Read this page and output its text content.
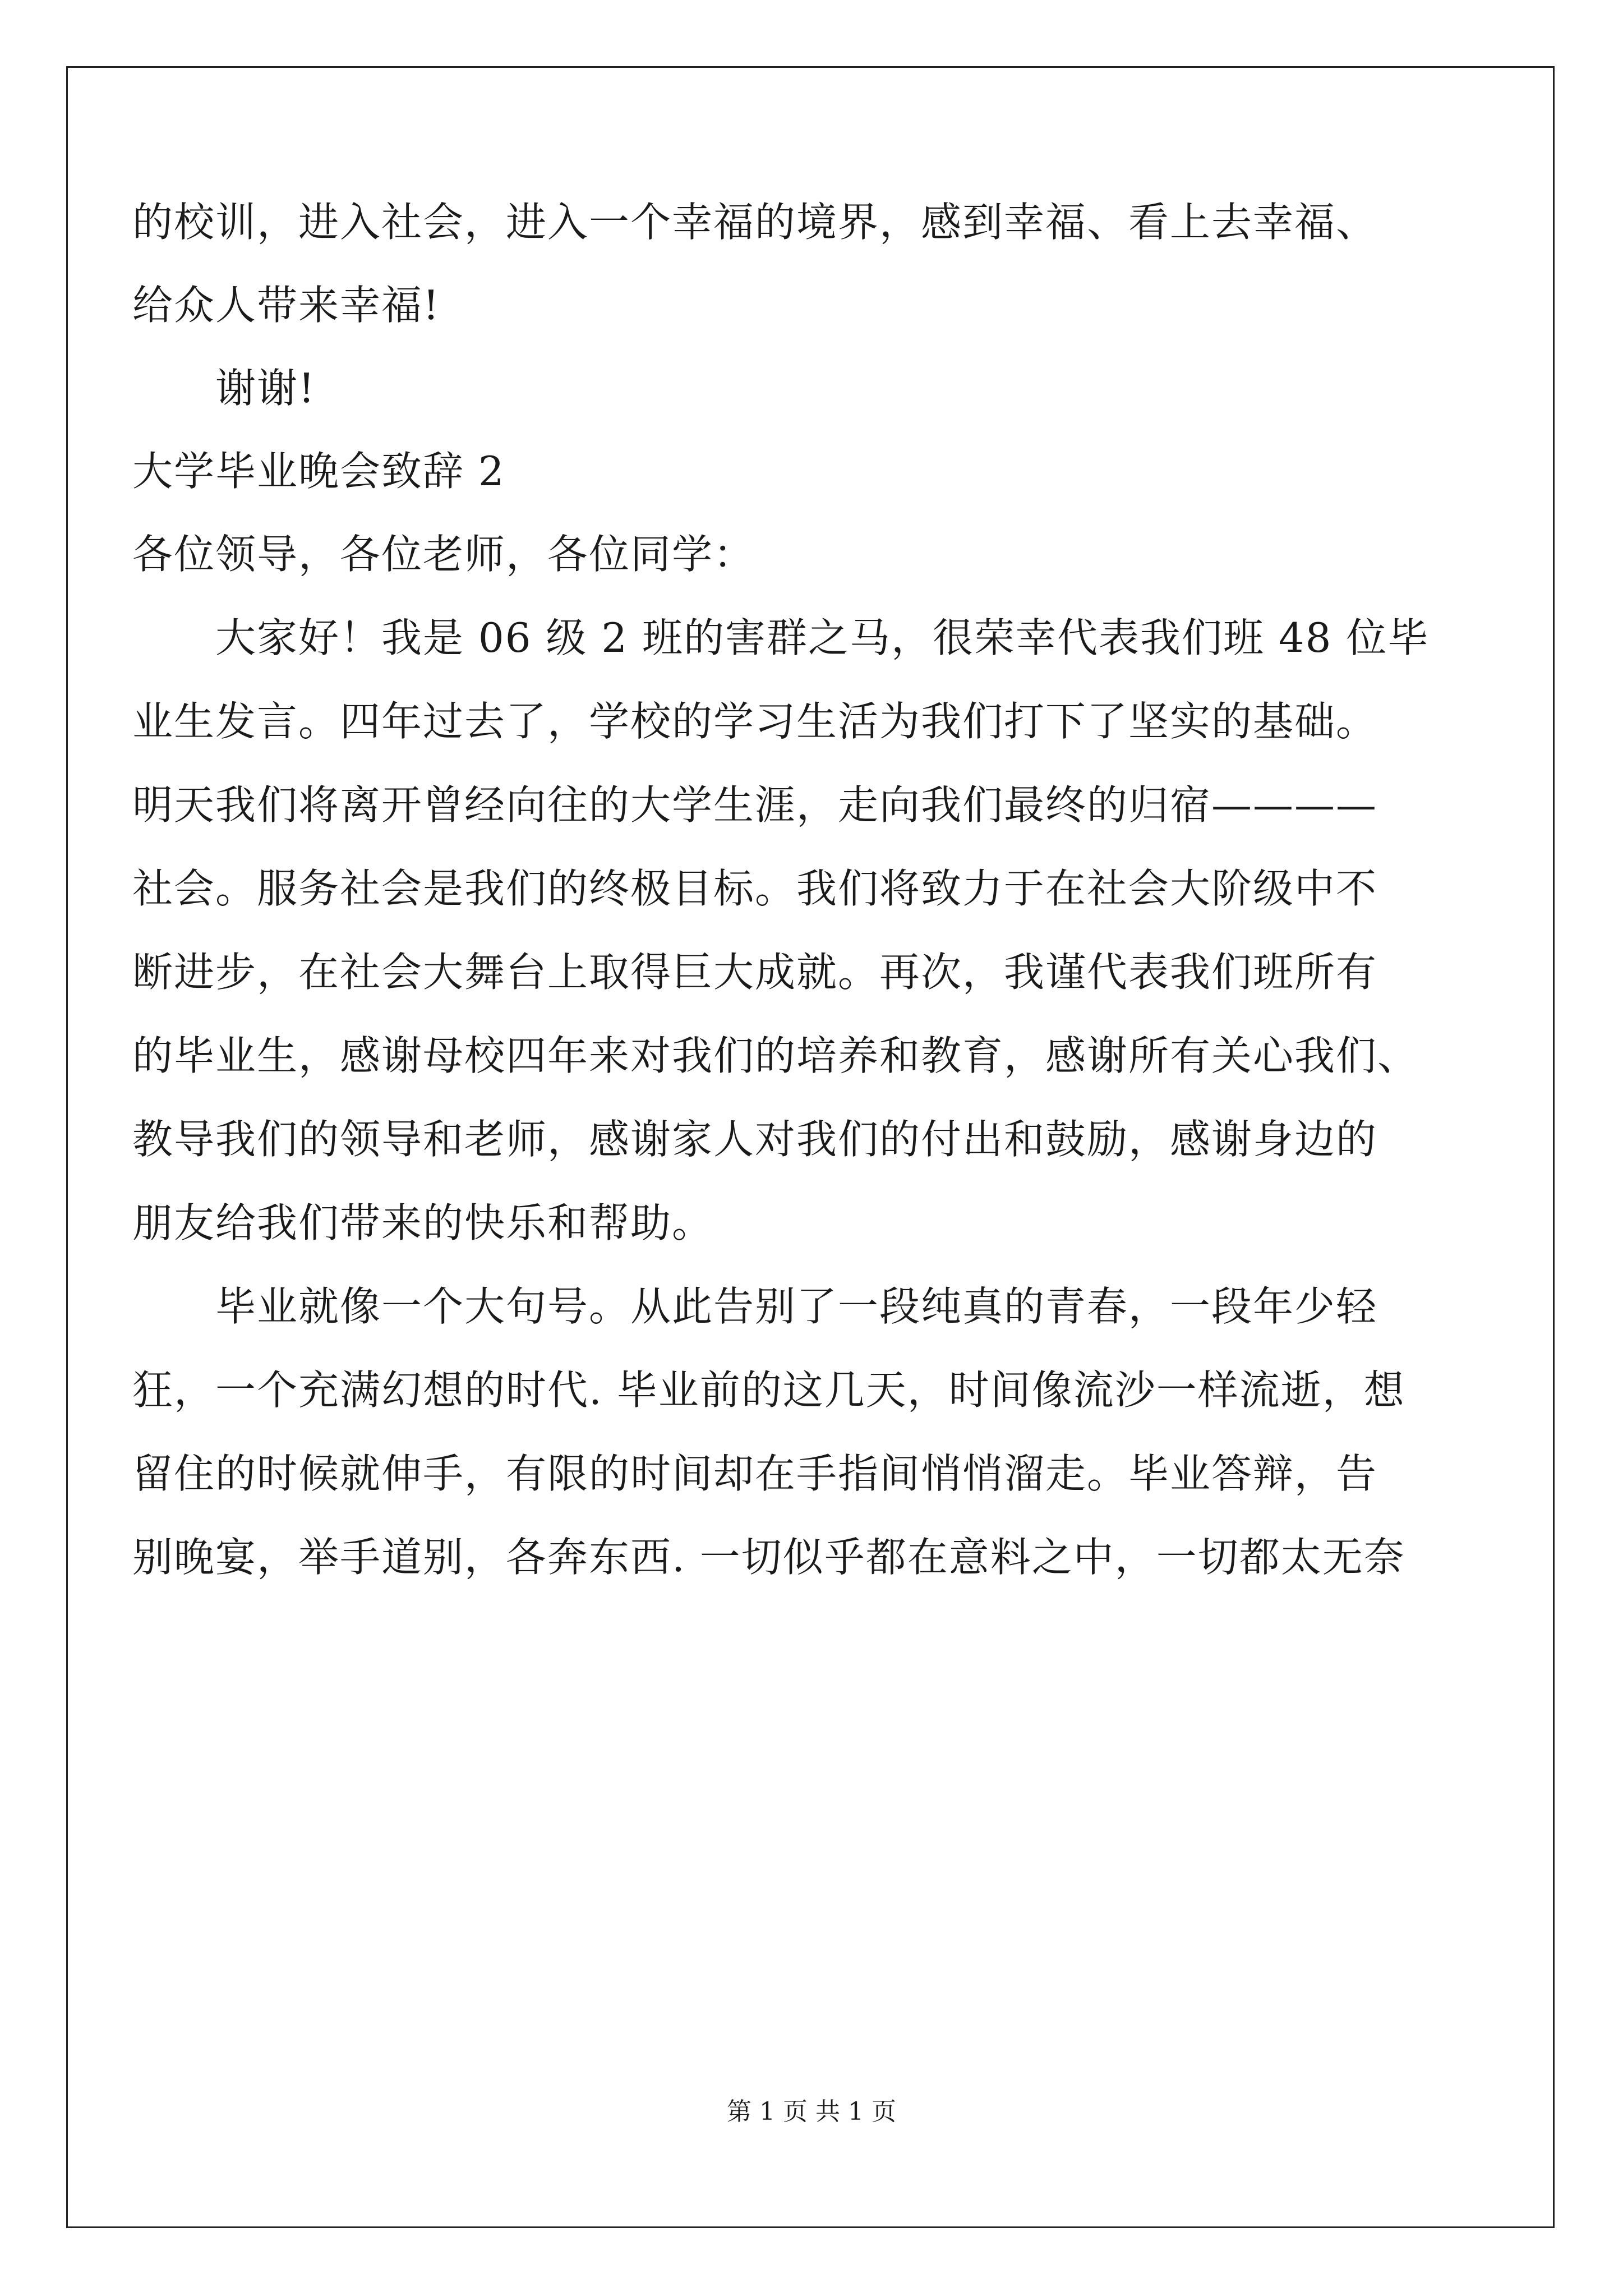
的校训，进入社会，进入一个幸福的境界，感到幸福、看上去幸福、
给众人带来幸福!
谢谢!
大学毕业晚会致辞 2
各位领导，各位老师，各位同学：
大家好！我是 06 级 2 班的害群之马，很荣幸代表我们班 48 位毕
业生发言。四年过去了，学校的学习生活为我们打下了坚实的基础。
明天我们将离开曾经向往的大学生涯，走向我们最终的归宿————
社会。服务社会是我们的终极目标。我们将致力于在社会大阶级中不
断进步，在社会大舞台上取得巨大成就。再次，我谨代表我们班所有
的毕业生，感谢母校四年来对我们的培养和教育，感谢所有关心我们、
教导我们的领导和老师，感谢家人对我们的付出和鼓励，感谢身边的
朋友给我们带来的快乐和帮助。
毕业就像一个大句号。从此告别了一段纯真的青春，一段年少轻
狂，一个充满幻想的时代. 毕业前的这几天，时间像流沙一样流逝，想
留住的时候就伸手，有限的时间却在手指间悄悄溜走。毕业答辩，告
别晚宴，举手道别，各奔东西. 一切似乎都在意料之中，一切都太无奈
第 1 页 共 1 页
